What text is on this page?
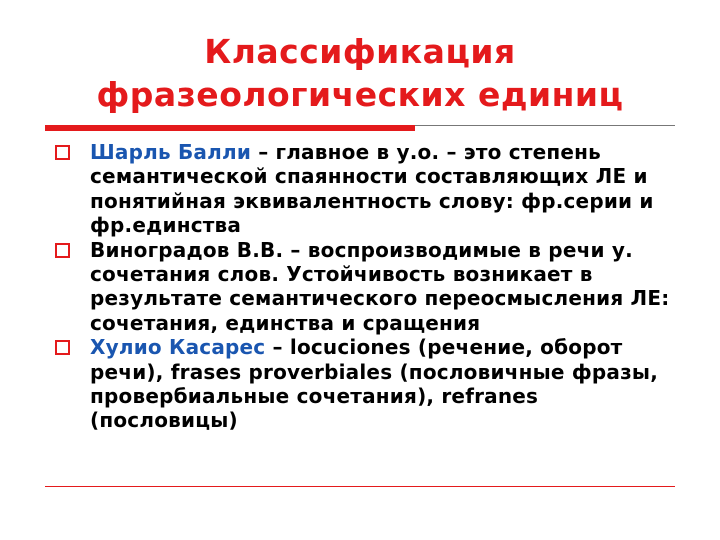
Классификация
фразеологических единиц
Шарль Балли – главное в у.о. – это степень семантической спаянности составляющих ЛЕ и понятийная эквивалентность слову: фр.серии и фр.единства
Виноградов В.В. – воспроизводимые в речи у. сочетания слов. Устойчивость возникает в результате семантического переосмысления ЛЕ: сочетания, единства и сращения
Хулио Касарес – locuciones (речение, оборот речи), frases proverbiales (пословичные фразы, провербиальные сочетания), refranes (пословицы)
